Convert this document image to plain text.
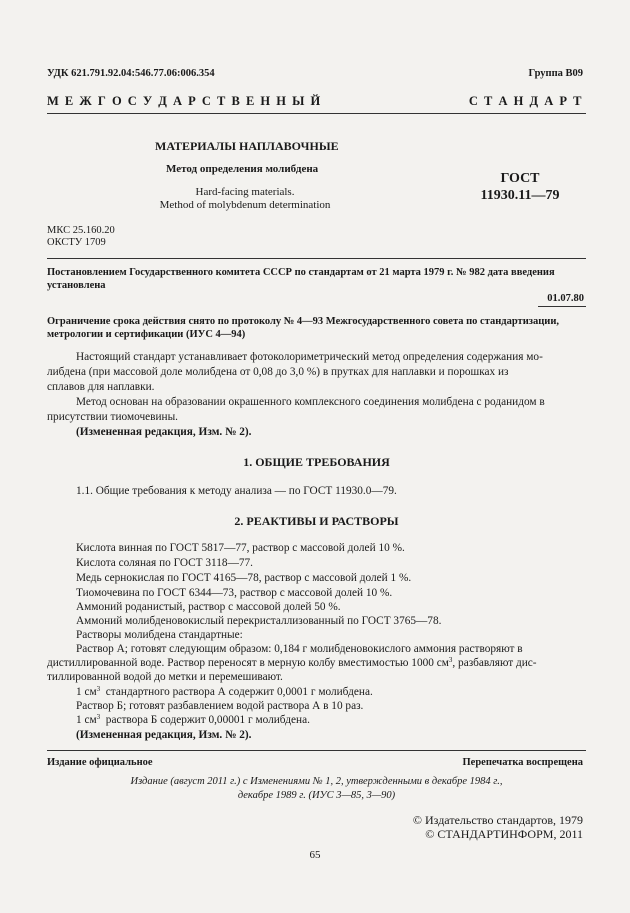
УДК 621.791.92.04:546.77.06:006.354	Группа В09
М Е Ж Г О С У Д А Р С Т В Е Н Н Ы Й	С Т А Н Д А Р Т
МАТЕРИАЛЫ НАПЛАВОЧНЫЕ
Метод определения молибдена
Hard-facing materials.
Method of molybdenum determination
ГОСТ
11930.11—79
МКС 25.160.20
ОКСТУ 1709
Постановлением Государственного комитета СССР по стандартам от 21 марта 1979 г. № 982 дата введения
установлена
01.07.80
Ограничение срока действия снято по протоколу № 4—93 Межгосударственного совета по стандартизации,
метрологии и сертификации (ИУС 4—94)
Настоящий стандарт устанавливает фотоколориметрический метод определения содержания мо-
либдена (при массовой доле молибдена от 0,08 до 3,0 %) в прутках для наплавки и порошках из
сплавов для наплавки.
Метод основан на образовании окрашенного комплексного соединения молибдена с роданидом в
присутствии тиомочевины.
(Измененная редакция, Изм. № 2).
1. ОБЩИЕ ТРЕБОВАНИЯ
1.1. Общие требования к методу анализа — по ГОСТ 11930.0—79.
2. РЕАКТИВЫ И РАСТВОРЫ
Кислота винная по ГОСТ 5817—77, раствор с массовой долей 10 %.
Кислота соляная по ГОСТ 3118—77.
Медь сернокислая по ГОСТ 4165—78, раствор с массовой долей 1 %.
Тиомочевина по ГОСТ 6344—73, раствор с массовой долей 10 %.
Аммоний роданистый, раствор с массовой долей 50 %.
Аммоний молибденовокислый перекристаллизованный по ГОСТ 3765—78.
Растворы молибдена стандартные:
Раствор А; готовят следующим образом: 0,184 г молибденовокислого аммония растворяют в
дистиллированной воде. Раствор переносят в мерную колбу вместимостью 1000 $см^3$, разбавляют дис-
тиллированной водой до метки и перемешивают.
1 $см^3$  стандартного раствора А содержит 0,0001 г молибдена.
Раствор Б; готовят разбавлением водой раствора А в 10 раз.
1 $см^3$  раствора Б содержит 0,00001 г молибдена.
(Измененная редакция, Изм. № 2).
Издание официальное	Перепечатка воспрещена
Издание (август 2011 г.) с Изменениями № 1, 2, утвержденными в декабре 1984 г.,
декабре 1989 г. (ИУС 3—85, 3—90)
© Издательство стандартов, 1979
© СТАНДАРТИНФОРМ, 2011
65
